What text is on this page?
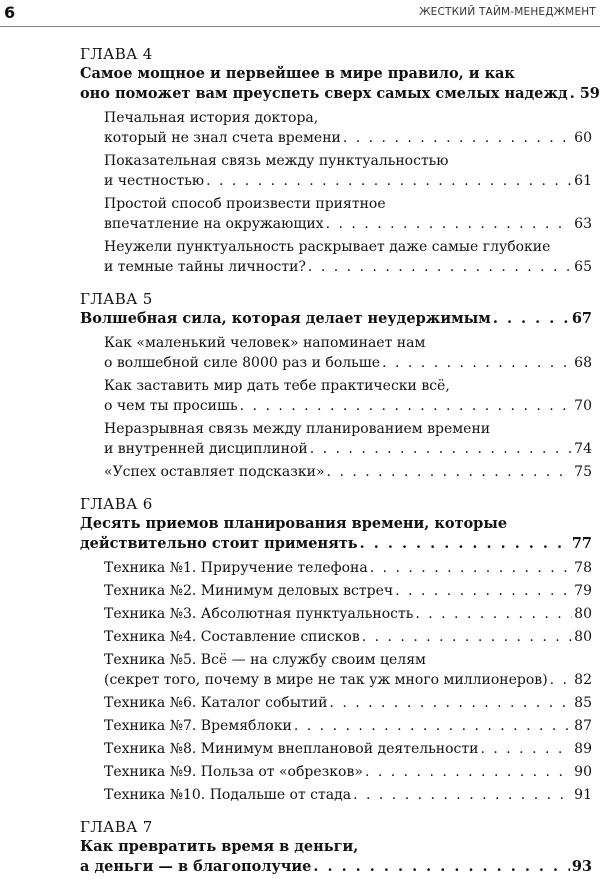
6	ЖЕСТКИЙ ТАЙМ-МЕНЕДЖМЕНТ
ГЛАВА 4
Самое мощное и первейшее в мире правило, и как
оно поможет вам преуспеть сверх самых смелых надежд . . . 59
Печальная история доктора,
который не знал счета времени . . .	60
Показательная связь между пунктуальностью
и честностью . . .	61
Простой способ произвести приятное
впечатление на окружающих . . .	63
Неужели пунктуальность раскрывает даже самые глубокие
и темные тайны личности? . . .	65
ГЛАВА 5
Волшебная сила, которая делает неудержимым . . .	67
Как «маленький человек» напоминает нам
о волшебной силе 8000 раз и больше . . .	68
Как заставить мир дать тебе практически всё,
о чем ты просишь . . .	70
Неразрывная связь между планированием времени
и внутренней дисциплиной . . .	74
«Успех оставляет подсказки» . . .	75
ГЛАВА 6
Десять приемов планирования времени, которые
действительно стоит применять . . .	77
Техника №1. Приручение телефона . . .	78
Техника №2. Минимум деловых встреч . . .	79
Техника №3. Абсолютная пунктуальность . . .	80
Техника №4. Составление списков . . .	80
Техника №5. Всё — на службу своим целям
(секрет того, почему в мире не так уж много миллионеров) . . . 82
Техника №6. Каталог событий . . .	85
Техника №7. Времяблоки . . .	87
Техника №8. Минимум внеплановой деятельности . . .	89
Техника №9. Польза от «обрезков» . . .	90
Техника №10. Подальше от стада . . .	91
ГЛАВА 7
Как превратить время в деньги,
а деньги — в благополучие . . .	93
